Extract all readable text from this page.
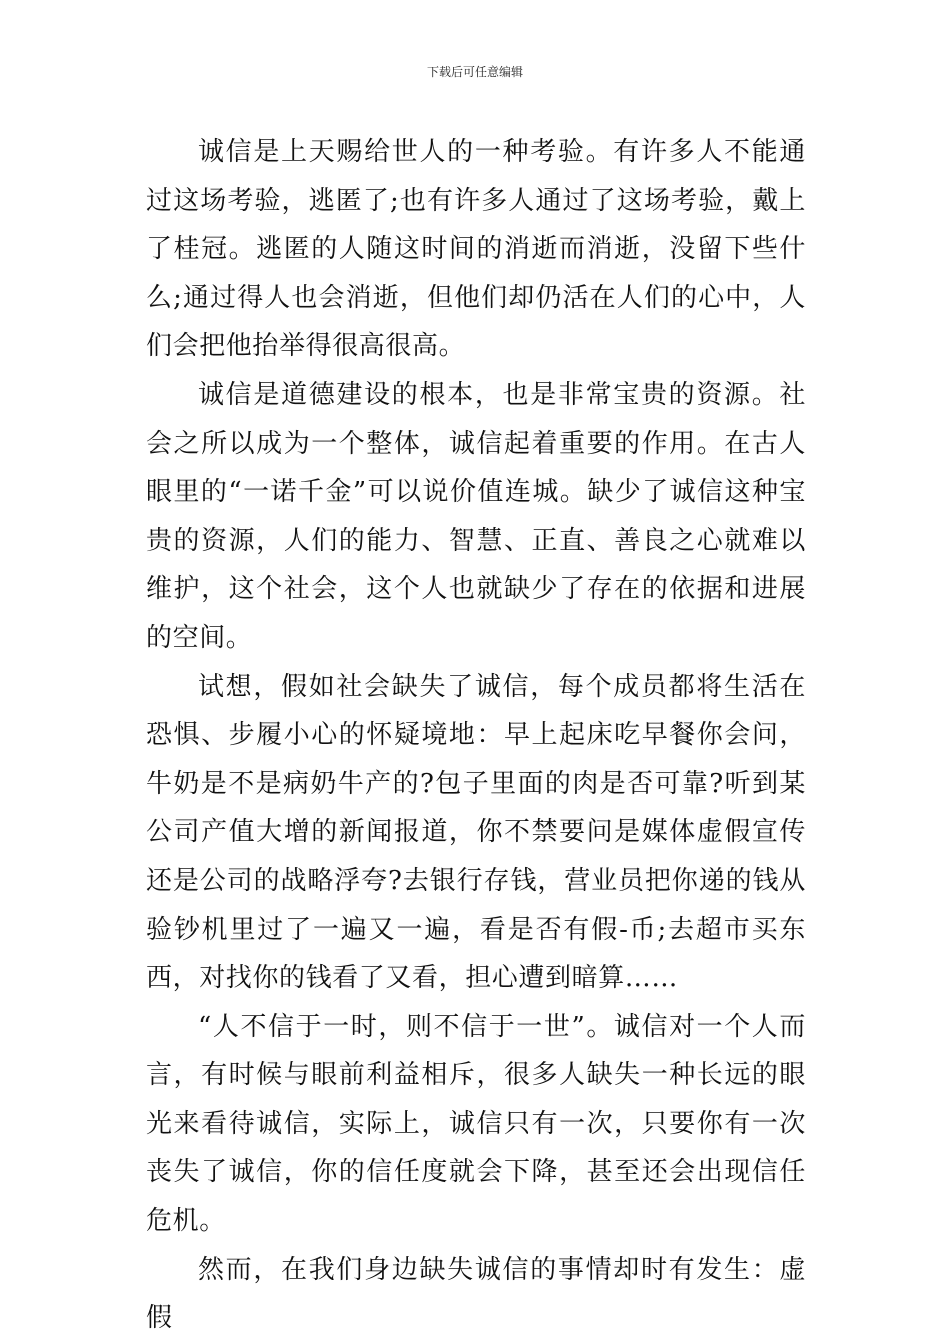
下载后可任意编辑

诚信是上天赐给世人的一种考验。有许多人不能通过这场考验，逃匿了;也有许多人通过了这场考验，戴上了桂冠。逃匿的人随这时间的消逝而消逝，没留下些什么;通过得人也会消逝，但他们却仍活在人们的心中，人们会把他抬举得很高很高。

诚信是道德建设的根本，也是非常宝贵的资源。社会之所以成为一个整体，诚信起着重要的作用。在古人眼里的“一诺千金”可以说价值连城。缺少了诚信这种宝贵的资源，人们的能力、智慧、正直、善良之心就难以维护，这个社会，这个人也就缺少了存在的依据和进展的空间。

试想，假如社会缺失了诚信，每个成员都将生活在恐惧、步履小心的怀疑境地：早上起床吃早餐你会问，牛奶是不是病奶牛产的?包子里面的肉是否可靠?听到某公司产值大增的新闻报道，你不禁要问是媒体虚假宣传还是公司的战略浮夸?去银行存钱，营业员把你递的钱从验钞机里过了一遍又一遍，看是否有假-币;去超市买东西，对找你的钱看了又看，担心遭到暗算……

“人不信于一时，则不信于一世”。诚信对一个人而言，有时候与眼前利益相斥，很多人缺失一种长远的眼光来看待诚信，实际上，诚信只有一次，只要你有一次丧失了诚信，你的信任度就会下降，甚至还会出现信任危机。

然而，在我们身边缺失诚信的事情却时有发生：虚假
